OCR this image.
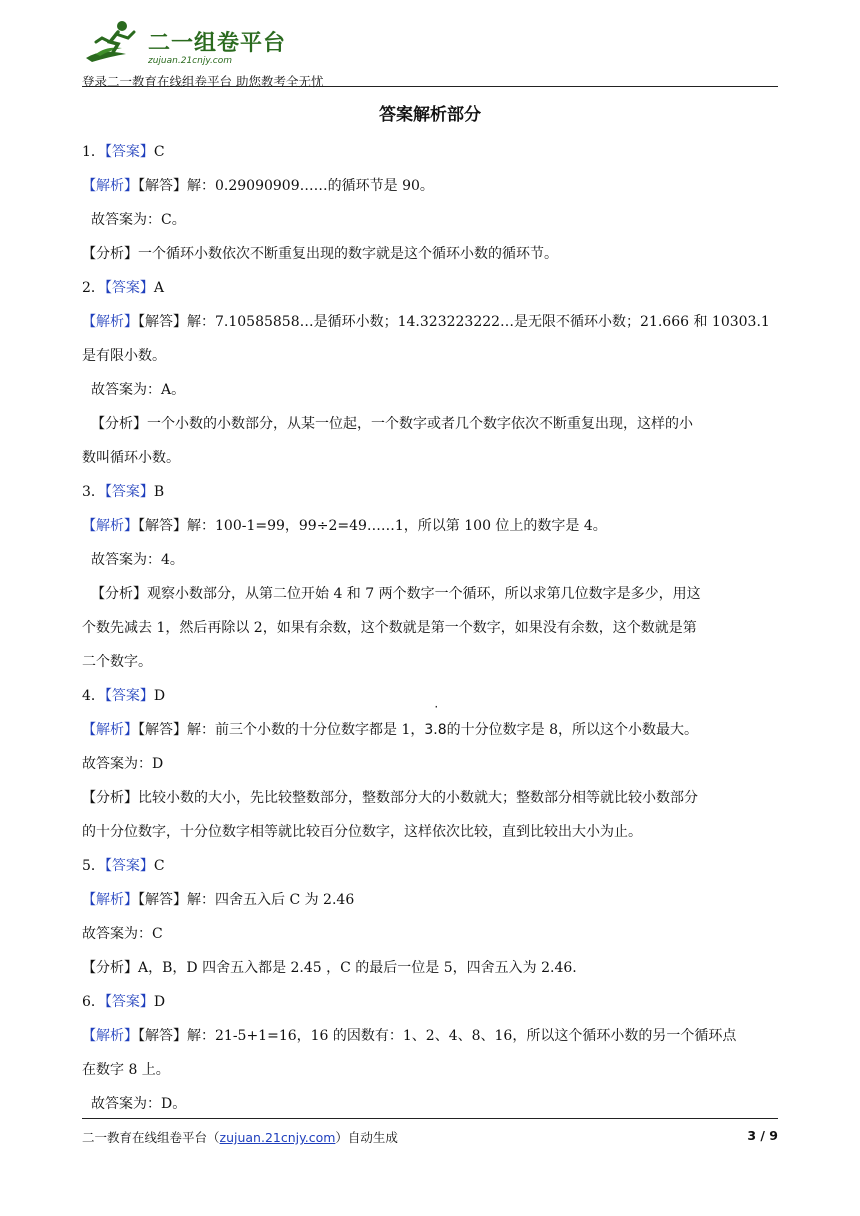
二一组卷平台
zujuan.21cnjy.com
登录二一教育在线组卷平台 助您教考全无忧
答案解析部分
1．【答案】C
【解析】【解答】解：0.29090909……的循环节是 90。
故答案为：C。
【分析】一个循环小数依次不断重复出现的数字就是这个循环小数的循环节。
2．【答案】A
【解析】【解答】解：7.10585858…是循环小数；14.323223222…是无限不循环小数；21.666 和 10303.1
是有限小数。
故答案为：A。
【分析】一个小数的小数部分，从某一位起，一个数字或者几个数字依次不断重复出现，这样的小
数叫循环小数。
3．【答案】B
【解析】【解答】解：100-1=99，99÷2=49……1，所以第 100 位上的数字是 4。
故答案为：4。
【分析】观察小数部分，从第二位开始 4 和 7 两个数字一个循环，所以求第几位数字是多少，用这
个数先减去 1，然后再除以 2，如果有余数，这个数就是第一个数字，如果没有余数，这个数就是第
二个数字。
4．【答案】D
【解析】【解答】解：前三个小数的十分位数字都是 1，
·
3.8的十分位数字是 8，所以这个小数最大。
故答案为：D
【分析】比较小数的大小，先比较整数部分，整数部分大的小数就大；整数部分相等就比较小数部分
的十分位数字，十分位数字相等就比较百分位数字，这样依次比较，直到比较出大小为止。
5．【答案】C
【解析】【解答】解：四舍五入后 C 为 2.46
故答案为：C
【分析】A，B，D 四舍五入都是 2.45 ，C 的最后一位是 5，四舍五入为 2.46.
6．【答案】D
【解析】【解答】解：21-5+1=16，16 的因数有：1、2、4、8、16，所以这个循环小数的另一个循环点
在数字 8 上。
故答案为：D。
二一教育在线组卷平台（zujuan.21cnjy.com）自动生成	3 / 9
